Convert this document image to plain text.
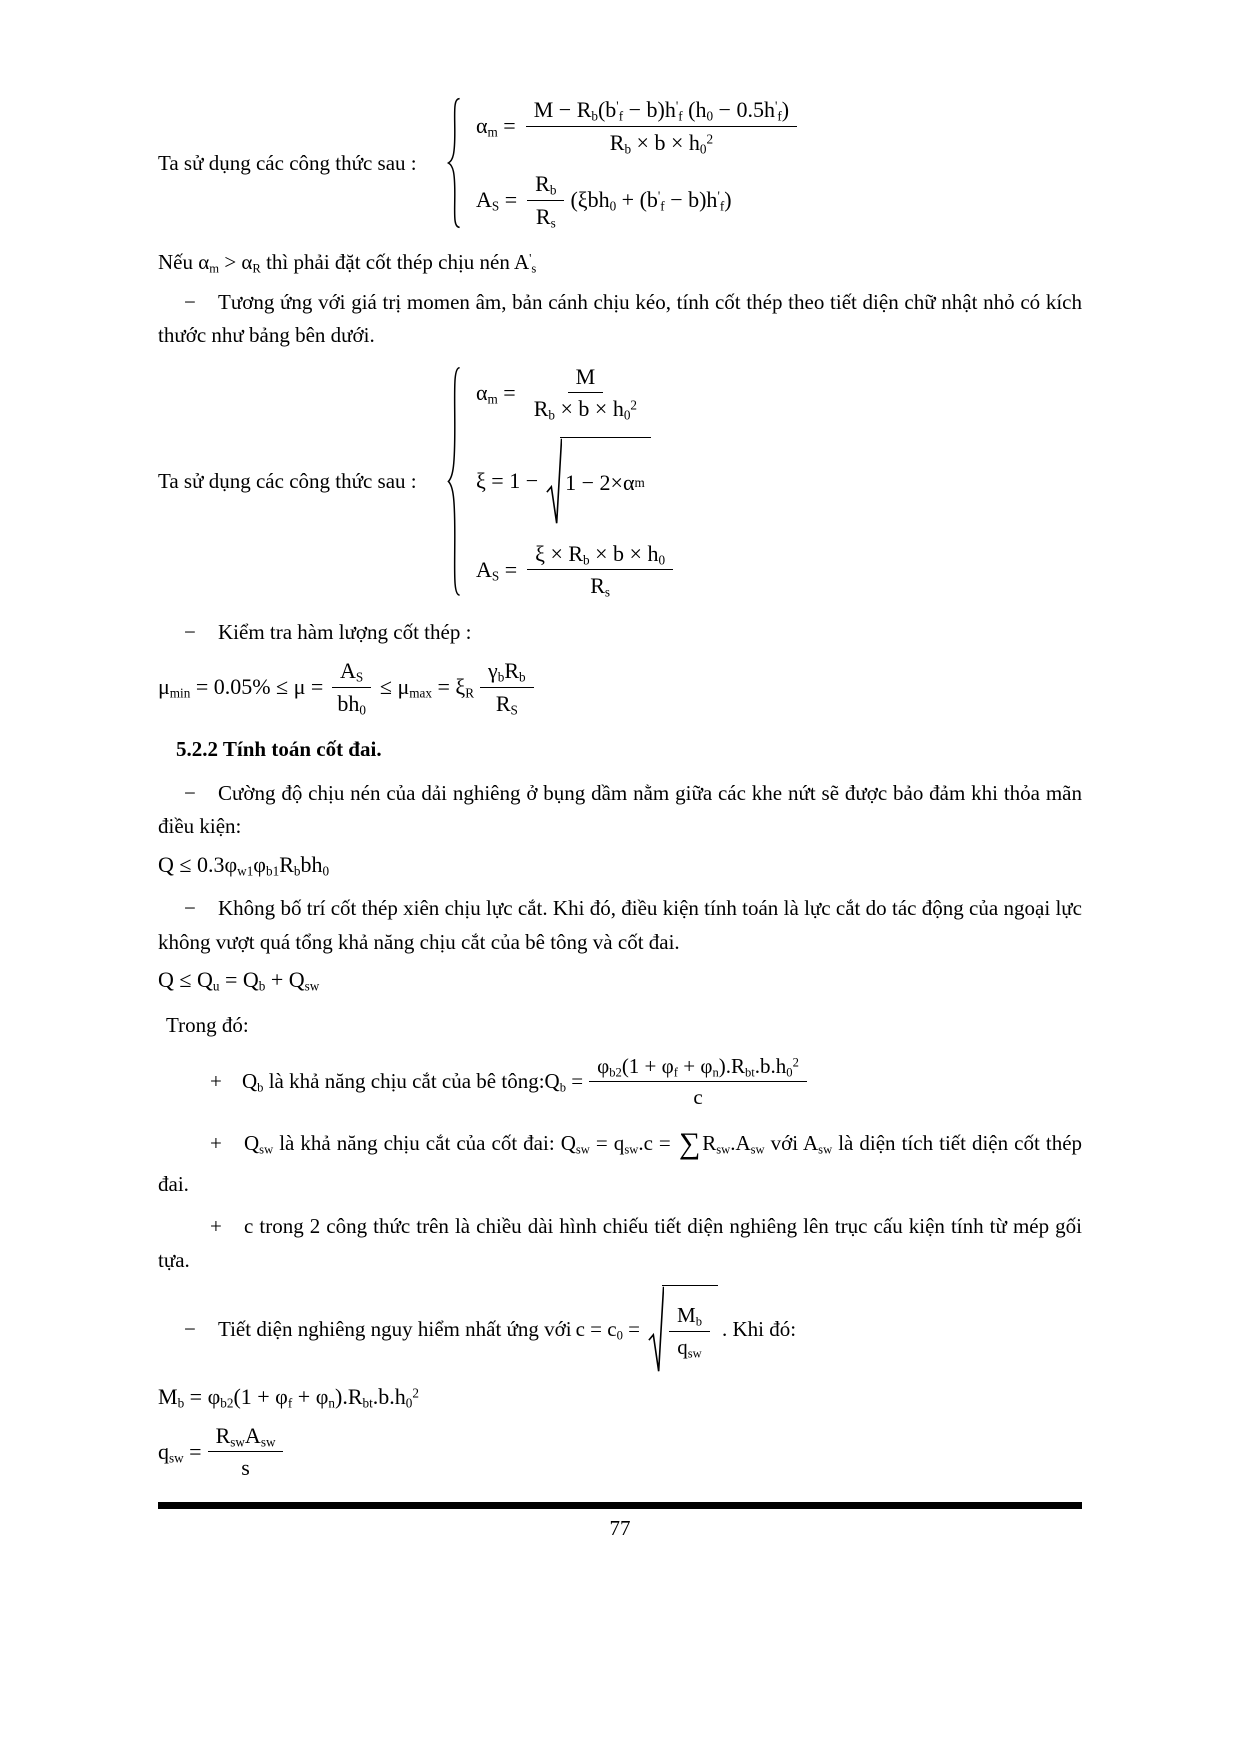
Ta sử dụng các công thức sau :
$\alpha_m = \frac{M - R_b(b'_f - b)h'_f (h_0 - 0.5h'_f)}{R_b \times b \times h_0^2}$
$A_S = \frac{R_b}{R_s} (\xi bh_0 + (b'_f - b)h'_f)$
Nếu $\alpha_m > \alpha_R$ thì phải đặt cốt thép chịu nén $A'_s$
− Tương ứng với giá trị momen âm, bản cánh chịu kéo, tính cốt thép theo tiết diện chữ nhật nhỏ có kích thước như bảng bên dưới.
Ta sử dụng các công thức sau :
$\alpha_m = \frac{M}{R_b \times b \times h_0^2}$
ξ = 1 − 1 − 2×α m
$A_S = \frac{\xi \times R_b \times b \times h_0}{R_s}$
− Kiểm tra hàm lượng cốt thép :
$\mu_{min} = 0.05\% \le \mu = \frac{A_S}{bh_0} \le \mu_{max} = \xi_R \frac{\gamma_bR_b}{R_S}$
5.2.2 Tính toán cốt đai.
− Cường độ chịu nén của dải nghiêng ở bụng dầm nằm giữa các khe nứt sẽ được bảo đảm khi thỏa mãn điều kiện:
$Q \le 0.3\varphi_{w1}\varphi_{b1}R_bbh_0$
− Không bố trí cốt thép xiên chịu lực cắt. Khi đó, điều kiện tính toán là lực cắt do tác động của ngoại lực không vượt quá tổng khả năng chịu cắt của bê tông và cốt đai.
$Q \le Q_u = Q_b + Q_{sw}$
Trong đó:
+ $Q_b$ là khả năng chịu cắt của bê tông: $Q_b = \frac{\varphi_{b2}(1 + \varphi_f + \varphi_n).R_{bt}.b.h_0^2}{c}$
+ $Q_{sw}$ là khả năng chịu cắt của cốt đai: $Q_{sw} = q_{sw}.c = \sum R_{sw}.A_{sw}$ với $A_{sw}$ là diện tích tiết diện cốt thép đai.
+ c trong 2 công thức trên là chiều dài hình chiếu tiết diện nghiêng lên trục cấu kiện tính từ mép gối tựa.
−	Tiết diện nghiêng nguy hiểm nhất ứng với $c = c_0 = \frac{M_b}{q_{sw}}$ . Khi đó:
$M_b = \varphi_{b2}(1 + \varphi_f + \varphi_n).R_{bt}.b.h_0^2$
$q_{sw} = \frac{R_{sw}A_{sw}}{s}$
77
